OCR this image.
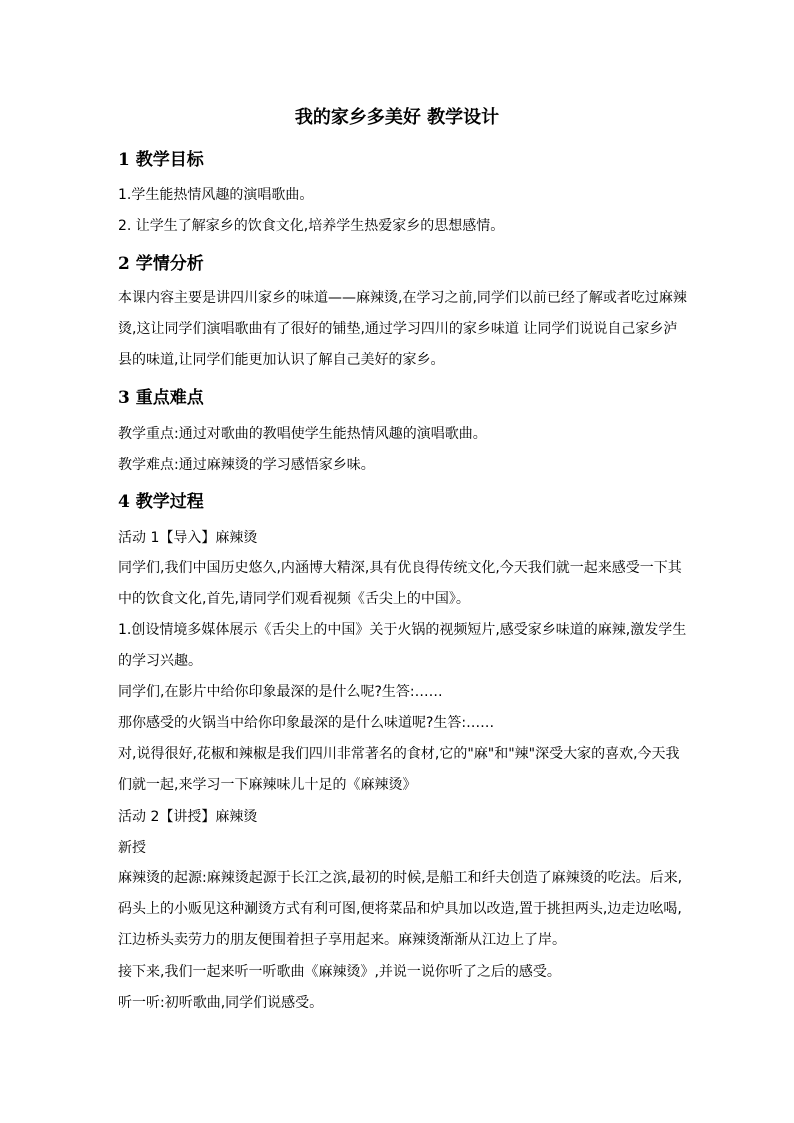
我的家乡多美好 教学设计
1 教学目标

1.学生能热情风趣的演唱歌曲。

2. 让学生了解家乡的饮食文化,培养学生热爱家乡的思想感情。

2 学情分析

本课内容主要是讲四川家乡的味道——麻辣烫,在学习之前,同学们以前已经了解或者吃过麻辣烫,这让同学们演唱歌曲有了很好的铺垫,通过学习四川的家乡味道 让同学们说说自己家乡泸县的味道,让同学们能更加认识了解自己美好的家乡。

3 重点难点

教学重点:通过对歌曲的教唱使学生能热情风趣的演唱歌曲。

教学难点:通过麻辣烫的学习感悟家乡味。

4 教学过程

活动 1【导入】麻辣烫

同学们,我们中国历史悠久,内涵博大精深,具有优良得传统文化,今天我们就一起来感受一下其中的饮食文化,首先,请同学们观看视频《舌尖上的中国》。

1.创设情境多媒体展示《舌尖上的中国》关于火锅的视频短片,感受家乡味道的麻辣,激发学生的学习兴趣。

同学们,在影片中给你印象最深的是什么呢?生答:……

那你感受的火锅当中给你印象最深的是什么味道呢?生答:……

对,说得很好,花椒和辣椒是我们四川非常著名的食材,它的"麻"和"辣"深受大家的喜欢,今天我们就一起,来学习一下麻辣味儿十足的《麻辣烫》

活动 2【讲授】麻辣烫

新授

麻辣烫的起源:麻辣烫起源于长江之滨,最初的时候,是船工和纤夫创造了麻辣烫的吃法。后来,码头上的小贩见这种涮烫方式有利可图,便将菜品和炉具加以改造,置于挑担两头,边走边吆喝,江边桥头卖劳力的朋友便围着担子享用起来。麻辣烫渐渐从江边上了岸。

接下来,我们一起来听一听歌曲《麻辣烫》,并说一说你听了之后的感受。

听一听:初听歌曲,同学们说感受。
